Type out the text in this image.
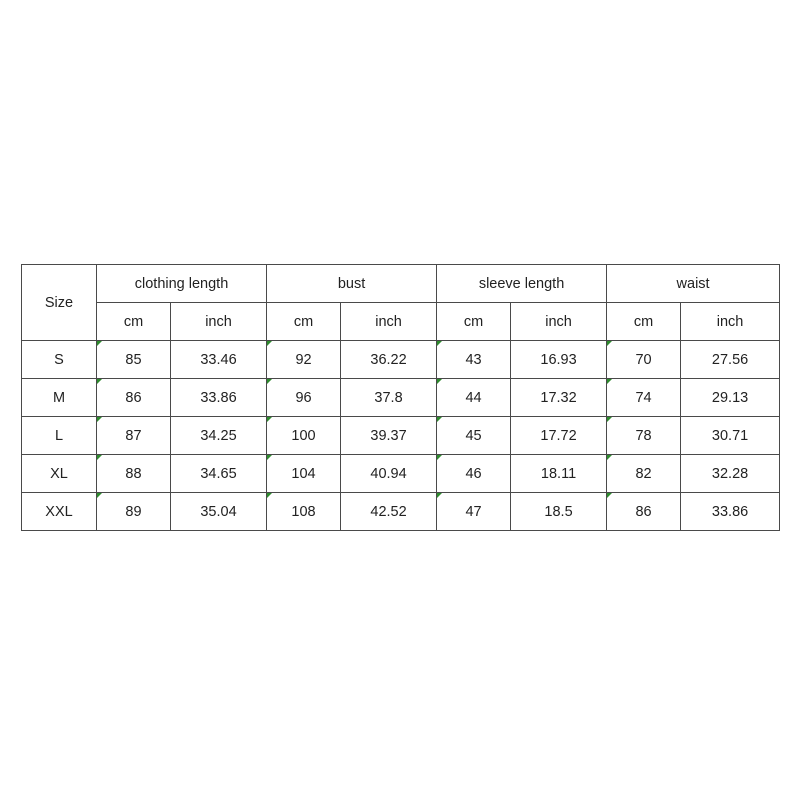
Size	clothing length		bust		sleeve length		waist	
	cm	inch	cm	inch	cm	inch	cm	inch
S	85	33.46	92	36.22	43	16.93	70	27.56
M	86	33.86	96	37.8	44	17.32	74	29.13
L	87	34.25	100	39.37	45	17.72	78	30.71
XL	88	34.65	104	40.94	46	18.11	82	32.28
XXL	89	35.04	108	42.52	47	18.5	86	33.86
